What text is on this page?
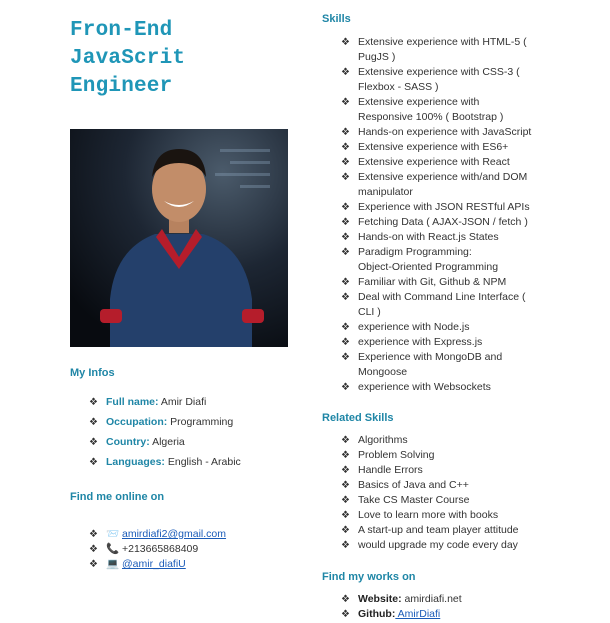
Fron-End
JavaScrit
Engineer
My Infos
❖ Full name: Amir Diafi
❖ Occupation: Programming
❖ Country: Algeria
❖ Languages: English - Arabic
Find me online on
❖ 📨 amirdiafi2@gmail.com
❖ 📞 +213665868409
❖ 💻 @amir_diafiU
Skills
❖ Extensive experience with HTML-5 (
PugJS )
❖ Extensive experience with CSS-3 (
Flexbox - SASS )
❖ Extensive experience with
Responsive 100% ( Bootstrap )
❖ Hands-on experience with JavaScript
❖ Extensive experience with ES6+
❖ Extensive experience with React
❖ Extensive experience with/and DOM
manipulator
❖ Experience with JSON RESTful APIs
❖ Fetching Data ( AJAX-JSON / fetch )
❖ Hands-on with React.js States
❖ Paradigm Programming:
Object-Oriented Programming
❖ Familiar with Git, Github & NPM
❖ Deal with Command Line Interface (
CLI )
❖ experience with Node.js
❖ experience with Express.js
❖ Experience with MongoDB and
Mongoose
❖ experience with Websockets
Related Skills
❖ Algorithms
❖ Problem Solving
❖ Handle Errors
❖ Basics of Java and C++
❖ Take CS Master Course
❖ Love to learn more with books
❖ A start-up and team player attitude
❖ would upgrade my code every day
Find my works on
❖ Website: amirdiafi.net
❖ Github: AmirDiafi
